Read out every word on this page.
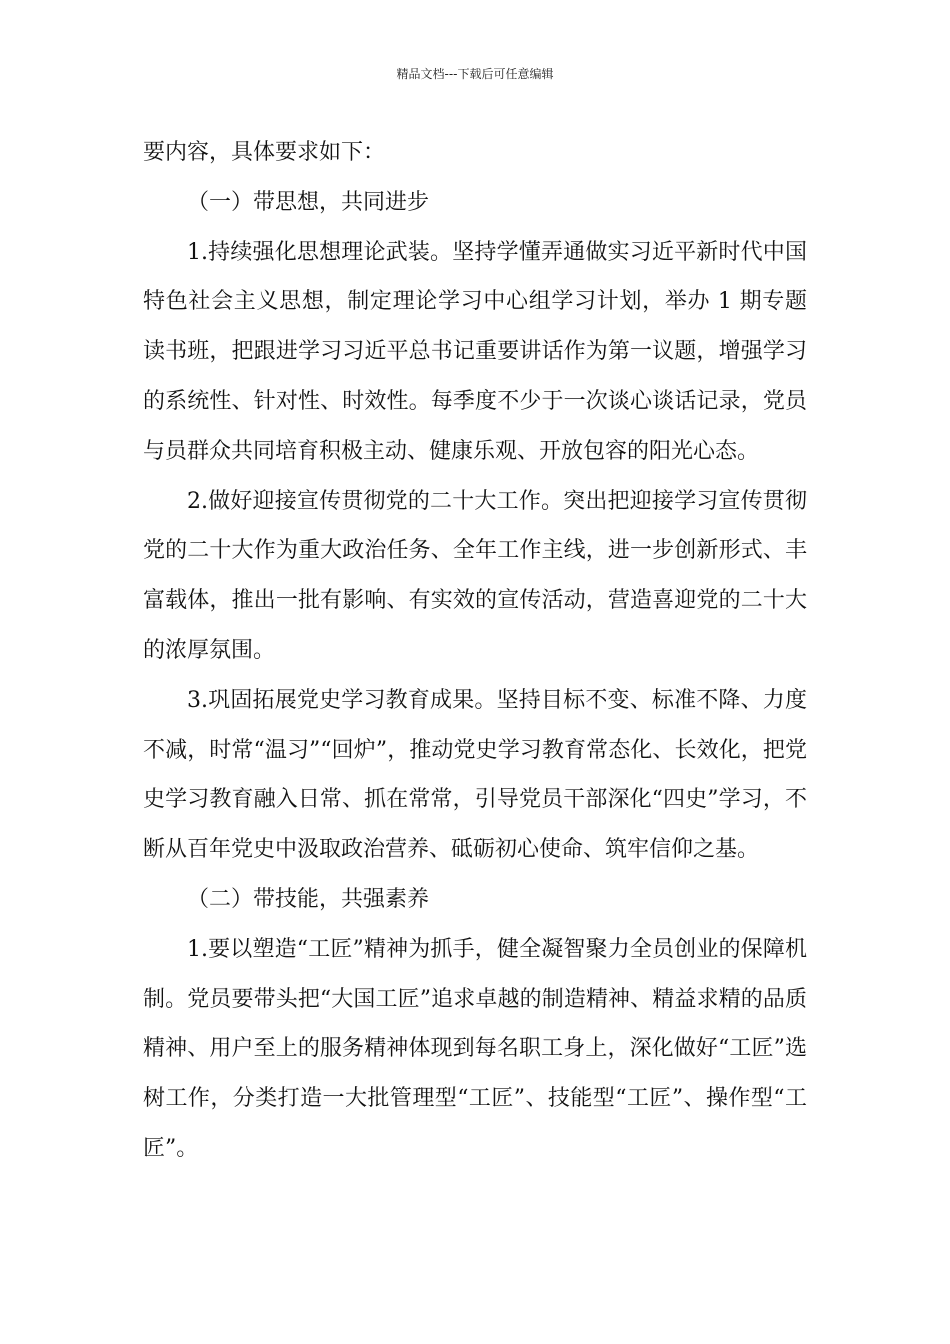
精品文档---下载后可任意编辑

要内容，具体要求如下：

（一）带思想，共同进步

1.持续强化思想理论武装。坚持学懂弄通做实习近平新时代中国特色社会主义思想，制定理论学习中心组学习计划，举办 1 期专题读书班，把跟进学习习近平总书记重要讲话作为第一议题，增强学习的系统性、针对性、时效性。每季度不少于一次谈心谈话记录，党员与员群众共同培育积极主动、健康乐观、开放包容的阳光心态。

2.做好迎接宣传贯彻党的二十大工作。突出把迎接学习宣传贯彻党的二十大作为重大政治任务、全年工作主线，进一步创新形式、丰富载体，推出一批有影响、有实效的宣传活动，营造喜迎党的二十大的浓厚氛围。

3.巩固拓展党史学习教育成果。坚持目标不变、标准不降、力度不减，时常“温习”“回炉”，推动党史学习教育常态化、长效化，把党史学习教育融入日常、抓在常常，引导党员干部深化“四史”学习，不断从百年党史中汲取政治营养、砥砺初心使命、筑牢信仰之基。

（二）带技能，共强素养

1.要以塑造“工匠”精神为抓手，健全凝智聚力全员创业的保障机制。党员要带头把“大国工匠”追求卓越的制造精神、精益求精的品质精神、用户至上的服务精神体现到每名职工身上，深化做好“工匠”选树工作，分类打造一大批管理型“工匠”、技能型“工匠”、操作型“工匠”。
